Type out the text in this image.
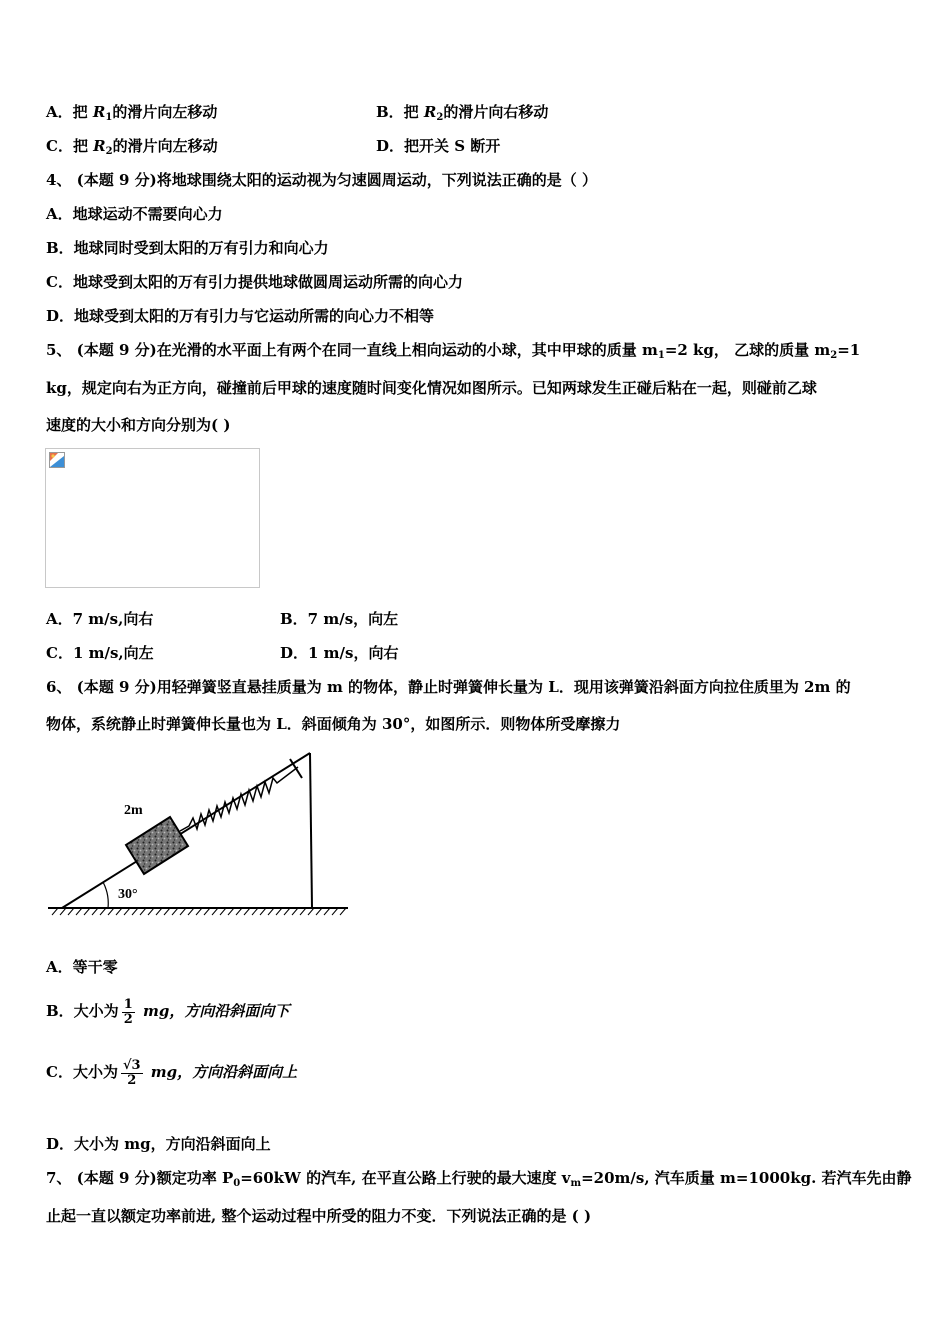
A．把 $R_1$的滑片向左移动	B．把 $R_2$的滑片向右移动
C．把 $R_2$的滑片向左移动	D．把开关 S 断开
4、 (本题 9 分)将地球围绕太阳的运动视为匀速圆周运动，下列说法正确的是（ ）
A．地球运动不需要向心力
B．地球同时受到太阳的万有引力和向心力
C．地球受到太阳的万有引力提供地球做圆周运动所需的向心力
D．地球受到太阳的万有引力与它运动所需的向心力不相等
5、 (本题 9 分)在光滑的水平面上有两个在同一直线上相向运动的小球，其中甲球的质量 $m_1=2$ kg， 乙球的质量 $m_2=1$
kg，规定向右为正方向，碰撞前后甲球的速度随时间变化情况如图所示。已知两球发生正碰后粘在一起，则碰前乙球
速度的大小和方向分别为( )
A．7 m/s,向右	B．7 m/s，向左
C．1 m/s,向左	D．1 m/s，向右
6、 (本题 9 分)用轻弹簧竖直悬挂质量为 m 的物体，静止时弹簧伸长量为 L．现用该弹簧沿斜面方向拉住质里为 2m 的
物体，系统静止时弹簧伸长量也为 L．斜面倾角为 30°，如图所示．则物体所受摩擦力
30°
2m
A．等干零
B．大小为 $\frac{1}{2}$ mg，方向沿斜面向下
C．大小为 $\frac{√3}{2}$ mg，方向沿斜面向上
D．大小为 mg，方向沿斜面向上
7、 (本题 9 分)额定功率 $P_0=60kW$ 的汽车, 在平直公路上行驶的最大速度 $v_m=20m/s$, 汽车质量 m=1000kg. 若汽车先由静
止起一直以额定功率前进, 整个运动过程中所受的阻力不变．下列说法正确的是 ( )
